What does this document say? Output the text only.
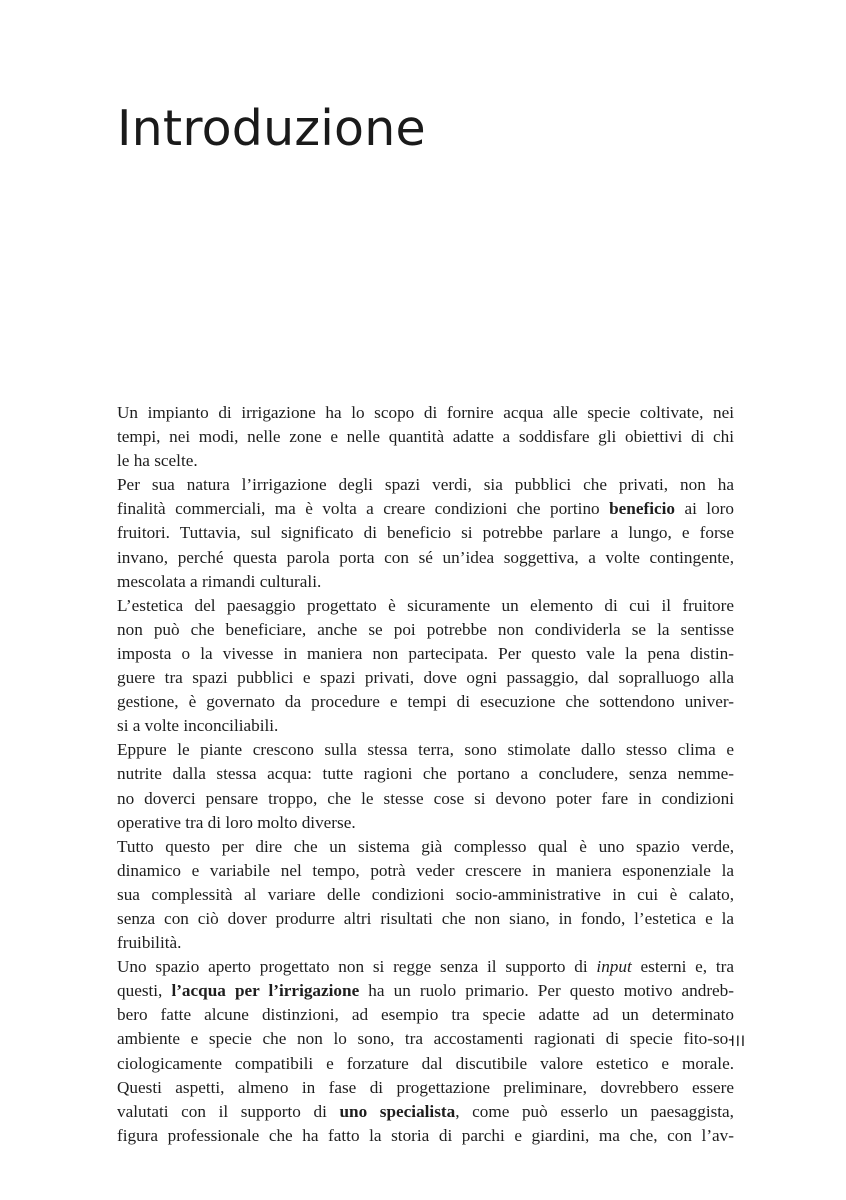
Introduzione
Un impianto di irrigazione ha lo scopo di fornire acqua alle specie coltivate, nei
tempi, nei modi, nelle zone e nelle quantità adatte a soddisfare gli obiettivi di chi
le ha scelte.
Per sua natura l’irrigazione degli spazi verdi, sia pubblici che privati, non ha
finalità commerciali, ma è volta a creare condizioni che portino beneficio ai loro
fruitori. Tuttavia, sul significato di beneficio si potrebbe parlare a lungo, e forse
invano, perché questa parola porta con sé un’idea soggettiva, a volte contingente,
mescolata a rimandi culturali.
L’estetica del paesaggio progettato è sicuramente un elemento di cui il fruitore
non può che beneficiare, anche se poi potrebbe non condividerla se la sentisse
imposta o la vivesse in maniera non partecipata. Per questo vale la pena distin-
guere tra spazi pubblici e spazi privati, dove ogni passaggio, dal sopralluogo alla
gestione, è governato da procedure e tempi di esecuzione che sottendono univer-
si a volte inconciliabili.
Eppure le piante crescono sulla stessa terra, sono stimolate dallo stesso clima e
nutrite dalla stessa acqua: tutte ragioni che portano a concludere, senza nemme-
no doverci pensare troppo, che le stesse cose si devono poter fare in condizioni
operative tra di loro molto diverse.
Tutto questo per dire che un sistema già complesso qual è uno spazio verde,
dinamico e variabile nel tempo, potrà veder crescere in maniera esponenziale la
sua complessità al variare delle condizioni socio-amministrative in cui è calato,
senza con ciò dover produrre altri risultati che non siano, in fondo, l’estetica e la
fruibilità.
Uno spazio aperto progettato non si regge senza il supporto di input esterni e, tra
questi, l’acqua per l’irrigazione ha un ruolo primario. Per questo motivo andreb-
bero fatte alcune distinzioni, ad esempio tra specie adatte ad un determinato
ambiente e specie che non lo sono, tra accostamenti ragionati di specie fito-so-
ciologicamente compatibili e forzature dal discutibile valore estetico e morale.
Questi aspetti, almeno in fase di progettazione preliminare, dovrebbero essere
valutati con il supporto di uno specialista, come può esserlo un paesaggista,
figura professionale che ha fatto la storia di parchi e giardini, ma che, con l’av-
III
